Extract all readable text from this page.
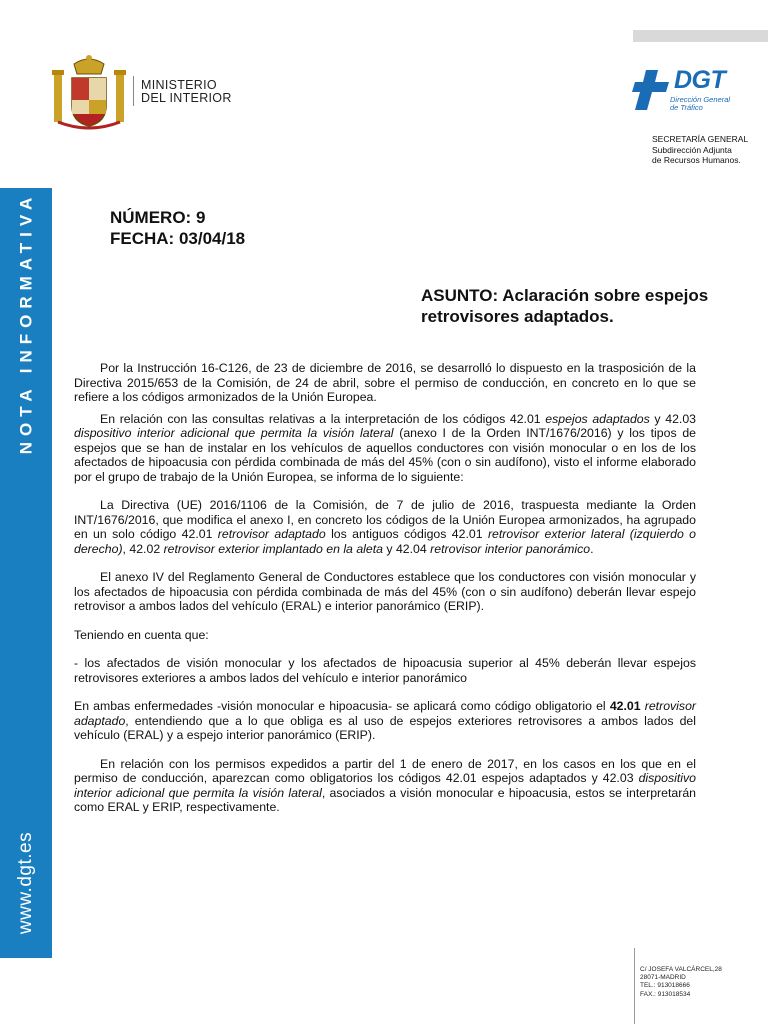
MINISTERIO
DEL INTERIOR
DGT
Dirección General
de Tráfico
SECRETARÍA GENERAL
Subdirección Adjunta
de Recursos Humanos.
NOTA INFORMATIVA
www.dgt.es
NÚMERO: 9
FECHA: 03/04/18
ASUNTO: Aclaración sobre espejos retrovisores adaptados.

Por la Instrucción 16-C126, de 23 de diciembre de 2016, se desarrolló lo dispuesto en la trasposición de la Directiva 2015/653 de la Comisión, de 24 de abril, sobre el permiso de conducción, en concreto en lo que se refiere a los códigos armonizados de la Unión Europea.

En relación con las consultas relativas a la interpretación de los códigos 42.01 espejos adaptados y 42.03 dispositivo interior adicional que permita la visión lateral (anexo I de la Orden INT/1676/2016) y los tipos de espejos que se han de instalar en los vehículos de aquellos conductores con visión monocular o en los de los afectados de hipoacusia con pérdida combinada de más del 45% (con o sin audífono), visto el informe elaborado por el grupo de trabajo de la Unión Europea, se informa de lo siguiente:

La Directiva (UE) 2016/1106 de la Comisión, de 7 de julio de 2016, traspuesta mediante la Orden INT/1676/2016, que modifica el anexo I, en concreto los códigos de la Unión Europea armonizados, ha agrupado en un solo código 42.01 retrovisor adaptado los antiguos códigos 42.01 retrovisor exterior lateral (izquierdo o derecho), 42.02 retrovisor exterior implantado en la aleta y 42.04 retrovisor interior panorámico.

El anexo IV del Reglamento General de Conductores establece que los conductores con visión monocular y los afectados de hipoacusia con pérdida combinada de más del 45% (con o sin audífono) deberán llevar espejo retrovisor a ambos lados del vehículo (ERAL) e interior panorámico (ERIP).

Teniendo en cuenta que:

- los afectados de visión monocular y los afectados de hipoacusia superior al 45% deberán llevar espejos retrovisores exteriores a ambos lados del vehículo e interior panorámico

En ambas enfermedades -visión monocular e hipoacusia- se aplicará como código obligatorio el 42.01 retrovisor adaptado, entendiendo que a lo que obliga es al uso de espejos exteriores retrovisores a ambos lados del vehículo (ERAL) y a espejo interior panorámico (ERIP).

En relación con los permisos expedidos a partir del 1 de enero de 2017, en los casos en los que en el permiso de conducción, aparezcan como obligatorios los códigos 42.01 espejos adaptados y 42.03 dispositivo interior adicional que permita la visión lateral, asociados a visión monocular e hipoacusia, estos se interpretarán como ERAL y ERIP, respectivamente.

C/ JOSEFA VALCÁRCEL,28
28071-MADRID
TEL.: 913018666
FAX.: 913018534
